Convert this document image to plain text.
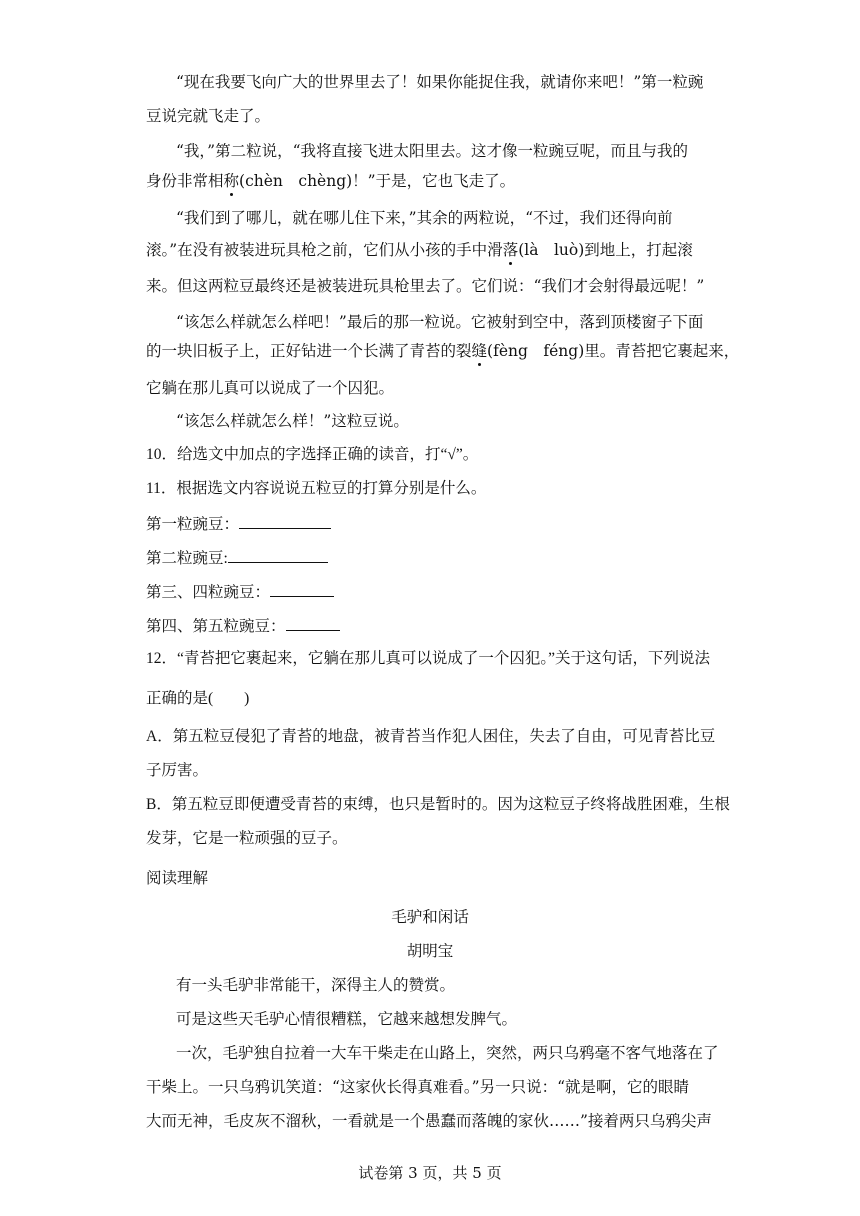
“现在我要飞向广大的世界里去了！如果你能捉住我，就请你来吧！”第一粒豌
豆说完就飞走了。
“我，”第二粒说，“我将直接飞进太阳里去。这才像一粒豌豆呢，而且与我的
身份非常相称(chèn　chèng)！”于是，它也飞走了。
“我们到了哪儿，就在哪儿住下来，”其余的两粒说，“不过，我们还得向前
滚。”在没有被装进玩具枪之前，它们从小孩的手中滑落(là　luò)到地上，打起滚
来。但这两粒豆最终还是被装进玩具枪里去了。它们说：“我们才会射得最远呢！”
“该怎么样就怎么样吧！”最后的那一粒说。它被射到空中，落到顶楼窗子下面
的一块旧板子上，正好钻进一个长满了青苔的裂缝(fèng　féng)里。青苔把它裹起来，
它躺在那儿真可以说成了一个囚犯。
“该怎么样就怎么样！”这粒豆说。
10．给选文中加点的字选择正确的读音，打“√”。
11．根据选文内容说说五粒豆的打算分别是什么。
第一粒豌豆：
第二粒豌豆:
第三、四粒豌豆：
第四、第五粒豌豆：
12．“青苔把它裹起来，它躺在那儿真可以说成了一个囚犯。”关于这句话，下列说法
正确的是(　　)
A．第五粒豆侵犯了青苔的地盘，被青苔当作犯人困住，失去了自由，可见青苔比豆
子厉害。
B．第五粒豆即便遭受青苔的束缚，也只是暂时的。因为这粒豆子终将战胜困难，生根
发芽，它是一粒顽强的豆子。
阅读理解
毛驴和闲话
胡明宝
有一头毛驴非常能干，深得主人的赞赏。
可是这些天毛驴心情很糟糕，它越来越想发脾气。
一次，毛驴独自拉着一大车干柴走在山路上，突然，两只乌鸦毫不客气地落在了
干柴上。一只乌鸦讥笑道：“这家伙长得真难看。”另一只说：“就是啊，它的眼睛
大而无神，毛皮灰不溜秋，一看就是一个愚蠢而落魄的家伙……”接着两只乌鸦尖声
试卷第 3 页，共 5 页
